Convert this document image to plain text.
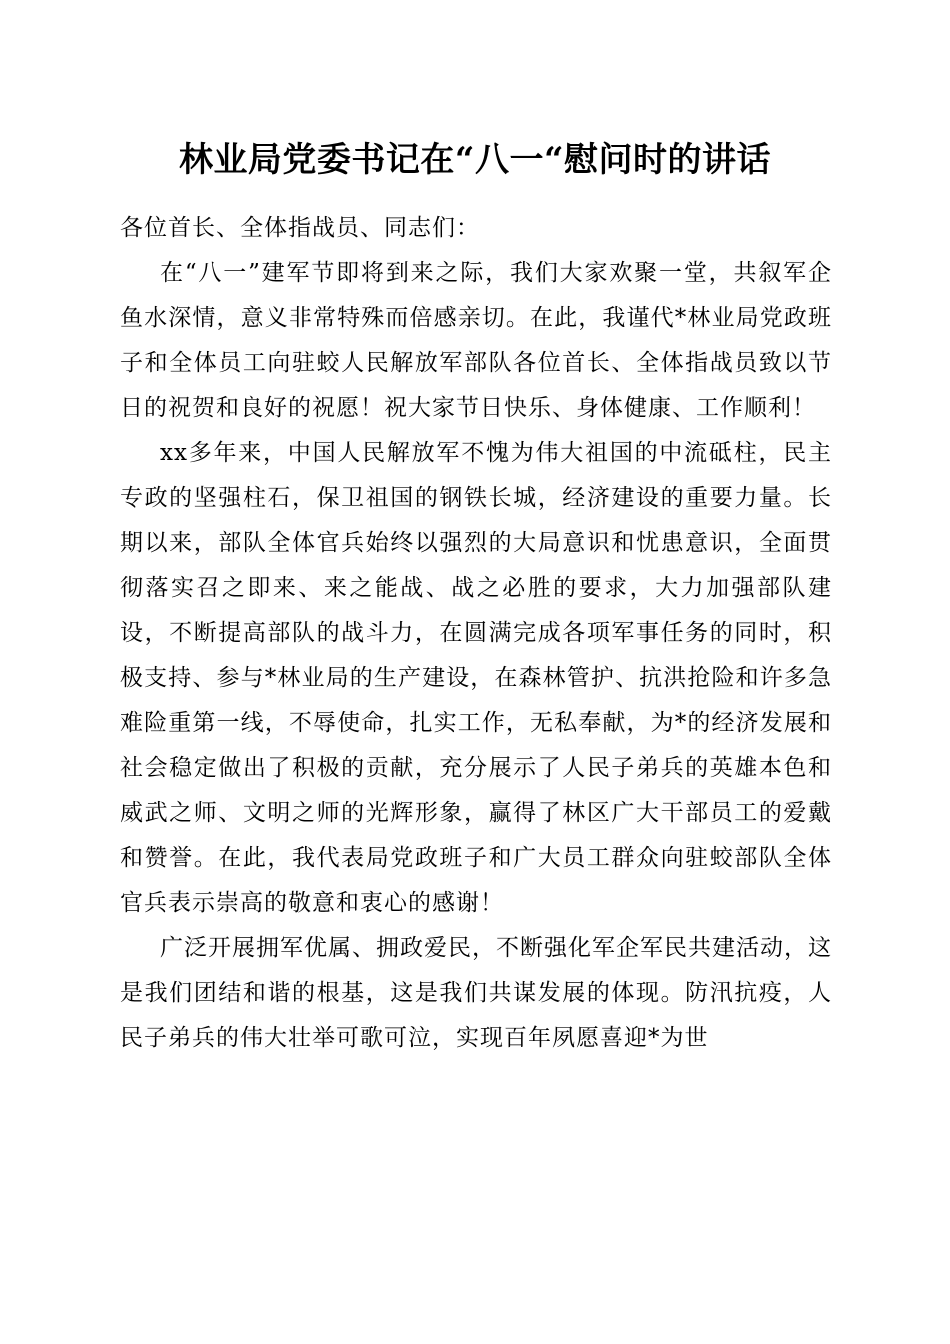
林业局党委书记在“八一“慰问时的讲话

各位首长、全体指战员、同志们：

在“八一”建军节即将到来之际，我们大家欢聚一堂，共叙军企鱼水深情，意义非常特殊而倍感亲切。在此，我谨代*林业局党政班子和全体员工向驻蛟人民解放军部队各位首长、全体指战员致以节日的祝贺和良好的祝愿！祝大家节日快乐、身体健康、工作顺利！

xx多年来，中国人民解放军不愧为伟大祖国的中流砥柱，民主专政的坚强柱石，保卫祖国的钢铁长城，经济建设的重要力量。长期以来，部队全体官兵始终以强烈的大局意识和忧患意识，全面贯彻落实召之即来、来之能战、战之必胜的要求，大力加强部队建设，不断提高部队的战斗力，在圆满完成各项军事任务的同时，积极支持、参与*林业局的生产建设，在森林管护、抗洪抢险和许多急难险重第一线，不辱使命，扎实工作，无私奉献，为*的经济发展和社会稳定做出了积极的贡献，充分展示了人民子弟兵的英雄本色和威武之师、文明之师的光辉形象，赢得了林区广大干部员工的爱戴和赞誉。在此，我代表局党政班子和广大员工群众向驻蛟部队全体官兵表示崇高的敬意和衷心的感谢！

广泛开展拥军优属、拥政爱民，不断强化军企军民共建活动，这是我们团结和谐的根基，这是我们共谋发展的体现。防汛抗疫，人民子弟兵的伟大壮举可歌可泣，实现百年夙愿喜迎*为世
